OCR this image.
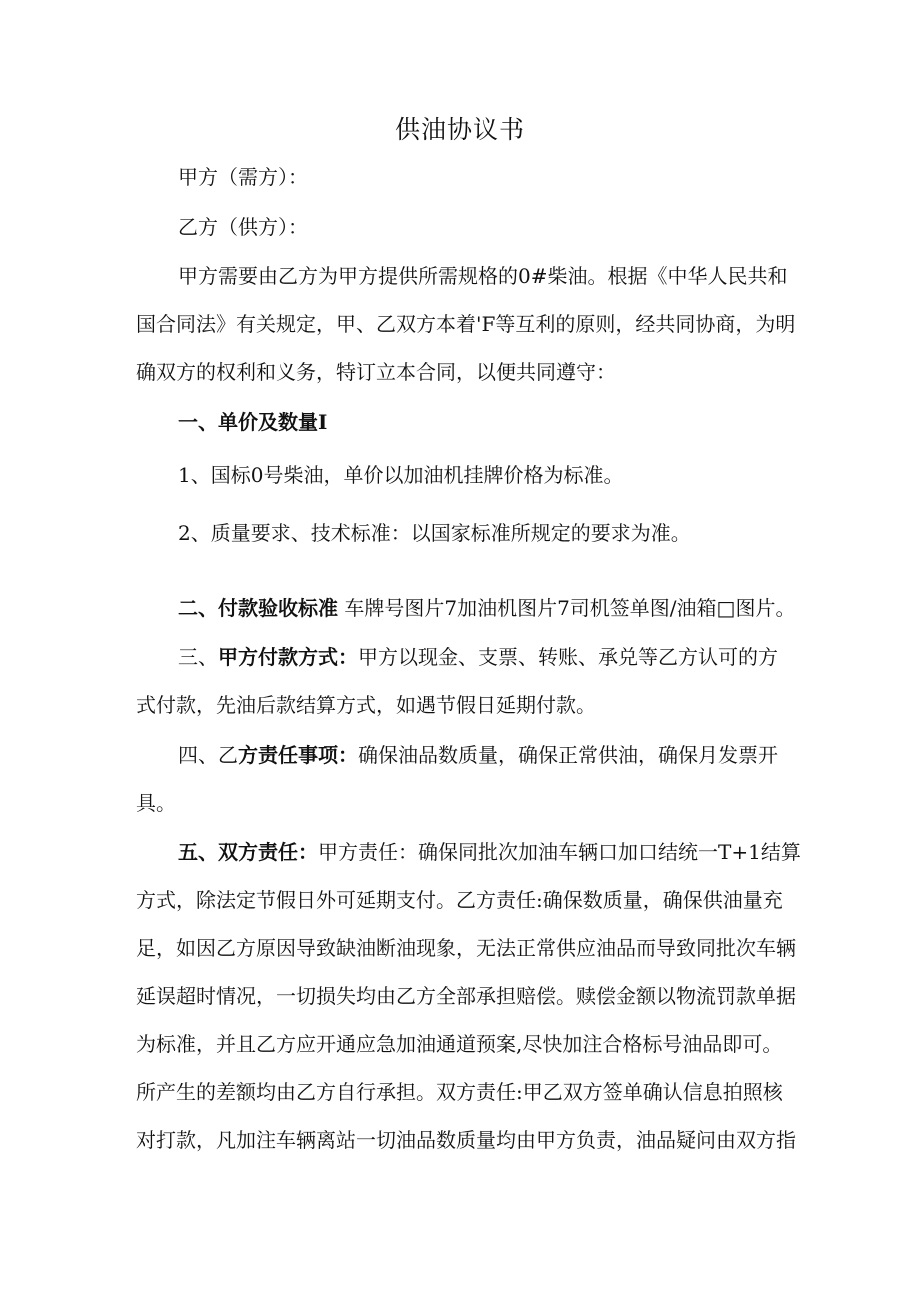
供油协议书
甲方（需方）：
乙方（供方）：
甲方需要由乙方为甲方提供所需规格的0#柴油。根据《中华人民共和
国合同法》有关规定，甲、乙双方本着'F等互利的原则，经共同协商，为明
确双方的权利和义务，特订立本合同，以便共同遵守：
一、单价及数量I
1、国标0号柴油，单价以加油机挂牌价格为标准。
2、质量要求、技术标准：以国家标准所规定的要求为准。
二、付款验收标准 车牌号图片7加油机图片7司机签单图/油箱□图片。
三、甲方付款方式：甲方以现金、支票、转账、承兑等乙方认可的方
式付款，先油后款结算方式，如遇节假日延期付款。
四、乙方责任事项：确保油品数质量，确保正常供油，确保月发票开
具。
五、双方责任：甲方责任：确保同批次加油车辆口加口结统一T+1结算
方式，除法定节假日外可延期支付。乙方责任:确保数质量，确保供油量充
足，如因乙方原因导致缺油断油现象，无法正常供应油品而导致同批次车辆
延误超时情况，一切损失均由乙方全部承担赔偿。赎偿金额以物流罚款单据
为标准，并且乙方应开通应急加油通道预案,尽快加注合格标号油品即可。
所产生的差额均由乙方自行承担。双方责任:甲乙双方签单确认信息拍照核
对打款，凡加注车辆离站一切油品数质量均由甲方负责，油品疑问由双方指
